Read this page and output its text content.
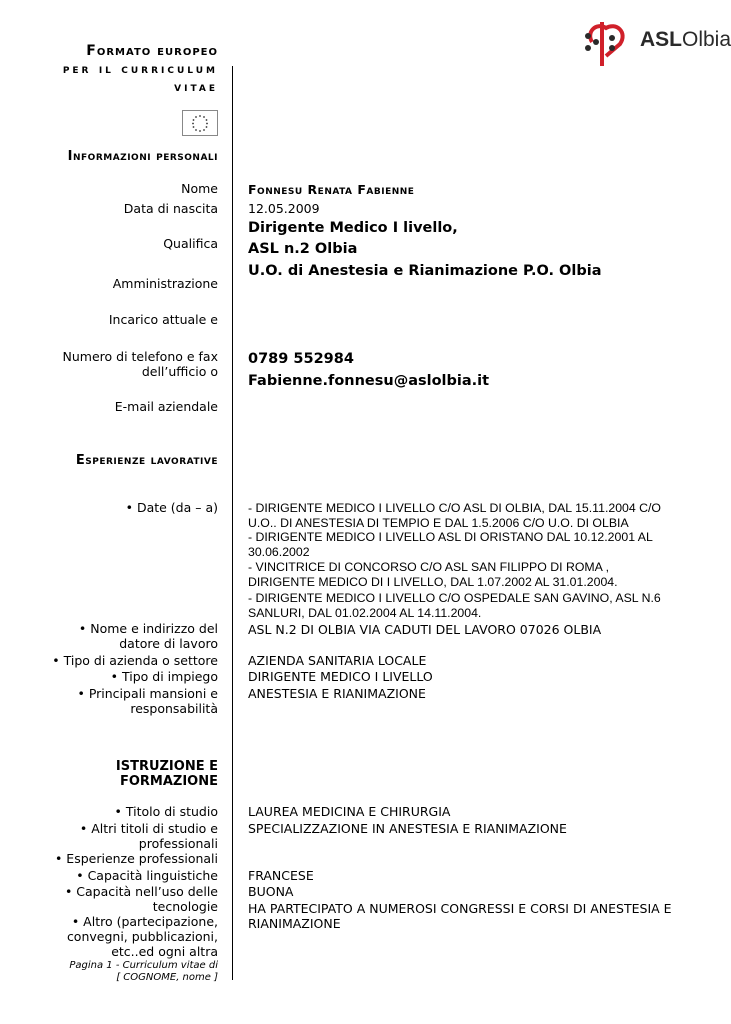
Formato europeo
per il curriculum
vitae
ASLOlbia
Informazioni personali
Nome Fonnesu Renata Fabienne
Data di nascita 12.05.2009
Qualifica
Dirigente Medico I livello,
ASL n.2 Olbia
Amministrazione
U.O. di Anestesia e Rianimazione P.O. Olbia
Incarico attuale e
Numero di telefono e fax dell’ufficio o
0789 552984
Fabienne.fonnesu@aslolbia.it
E-mail aziendale
Esperienze lavorative
• Date (da – a) - DIRIGENTE MEDICO I LIVELLO C/O ASL DI OLBIA, DAL 15.11.2004 C/O U.O.. DI ANESTESIA DI TEMPIO E DAL 1.5.2006 C/O U.O. DI OLBIA
- DIRIGENTE MEDICO I LIVELLO ASL DI ORISTANO DAL 10.12.2001 AL 30.06.2002
- VINCITRICE DI CONCORSO C/O ASL SAN FILIPPO DI ROMA , DIRIGENTE MEDICO DI I LIVELLO, DAL 1.07.2002 AL 31.01.2004.
- DIRIGENTE MEDICO I LIVELLO C/O OSPEDALE SAN GAVINO, ASL N.6 SANLURI, DAL 01.02.2004 AL 14.11.2004.
• Nome e indirizzo del datore di lavoro
ASL N.2 DI OLBIA VIA CADUTI DEL LAVORO 07026 OLBIA
• Tipo di azienda o settore AZIENDA SANITARIA LOCALE
• Tipo di impiego DIRIGENTE MEDICO I LIVELLO
• Principali mansioni e responsabilità
ANESTESIA E RIANIMAZIONE
ISTRUZIONE E
FORMAZIONE
• Titolo di studio LAUREA MEDICINA E CHIRURGIA
• Altri titoli di studio e professionali
SPECIALIZZAZIONE IN ANESTESIA E RIANIMAZIONE
• Esperienze professionali
• Capacità linguistiche FRANCESE
• Capacità nell’uso delle tecnologie
BUONA
• Altro (partecipazione, convegni, pubblicazioni, etc..ed ogni altra
HA PARTECIPATO A NUMEROSI CONGRESSI E CORSI DI ANESTESIA E RIANIMAZIONE
Pagina 1 - Curriculum vitae di
[ COGNOME, nome ]
